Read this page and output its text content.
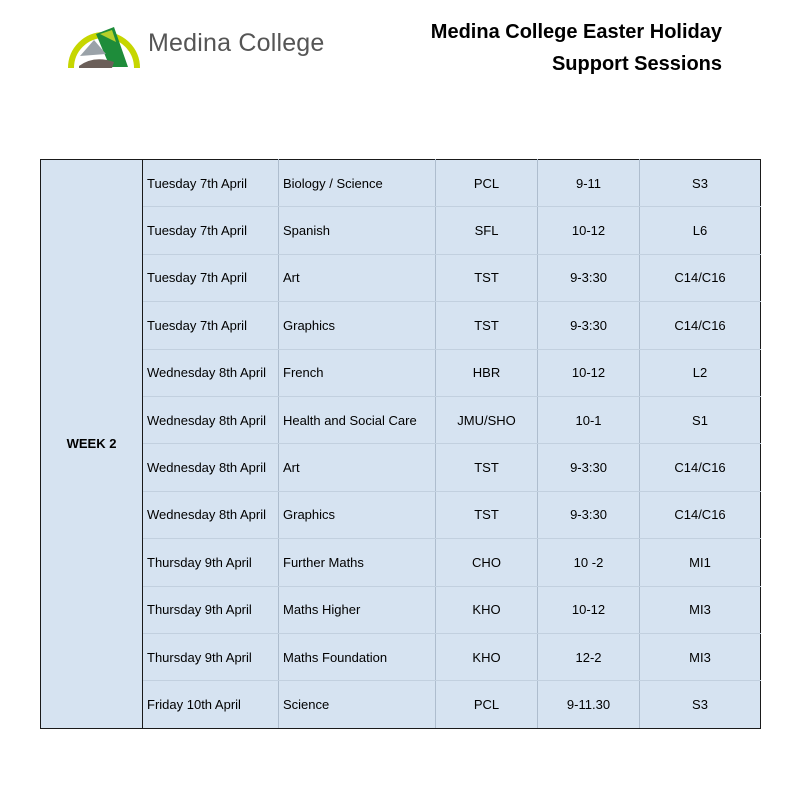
Medina College	Medina College Easter Holiday
Support Sessions
WEEK 2	Tuesday 7th April	Biology / Science	PCL	9-11	S3
	Tuesday 7th April	Spanish	SFL	10-12	L6
	Tuesday 7th April	Art	TST	9-3:30	C14/C16
	Tuesday 7th April	Graphics	TST	9-3:30	C14/C16
	Wednesday 8th April	French	HBR	10-12	L2
	Wednesday 8th April	Health and Social Care	JMU/SHO	10-1	S1
	Wednesday 8th April	Art	TST	9-3:30	C14/C16
	Wednesday 8th April	Graphics	TST	9-3:30	C14/C16
	Thursday 9th April	Further Maths	CHO	10 -2	MI1
	Thursday 9th April	Maths Higher	KHO	10-12	MI3
	Thursday 9th April	Maths Foundation	KHO	12-2	MI3
	Friday 10th April	Science	PCL	9-11.30	S3
